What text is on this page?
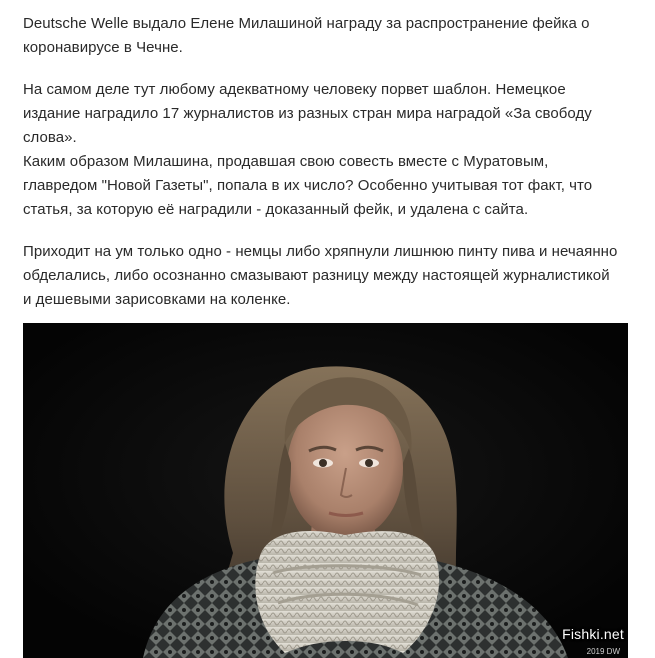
Deutsche Welle выдало Елене Милашиной награду за распространение фейка о
коронавирусе в Чечне.

На самом деле тут любому адекватному человеку порвет шаблон. Немецкое
издание наградило 17 журналистов из разных стран мира наградой «За свободу
слова».
Каким образом Милашина, продавшая свою совесть вместе с Муратовым,
главредом "Новой Газеты", попала в их число? Особенно учитывая тот факт, что
статья, за которую её наградили - доказанный фейк, и удалена с сайта.

Приходит на ум только одно - немцы либо хряпнули лишнюю пинту пива и нечаянно
обделались, либо осознанно смазывают разницу между настоящей журналистикой
и дешевыми зарисовками на коленке.

Fishki.net
2019 DW
